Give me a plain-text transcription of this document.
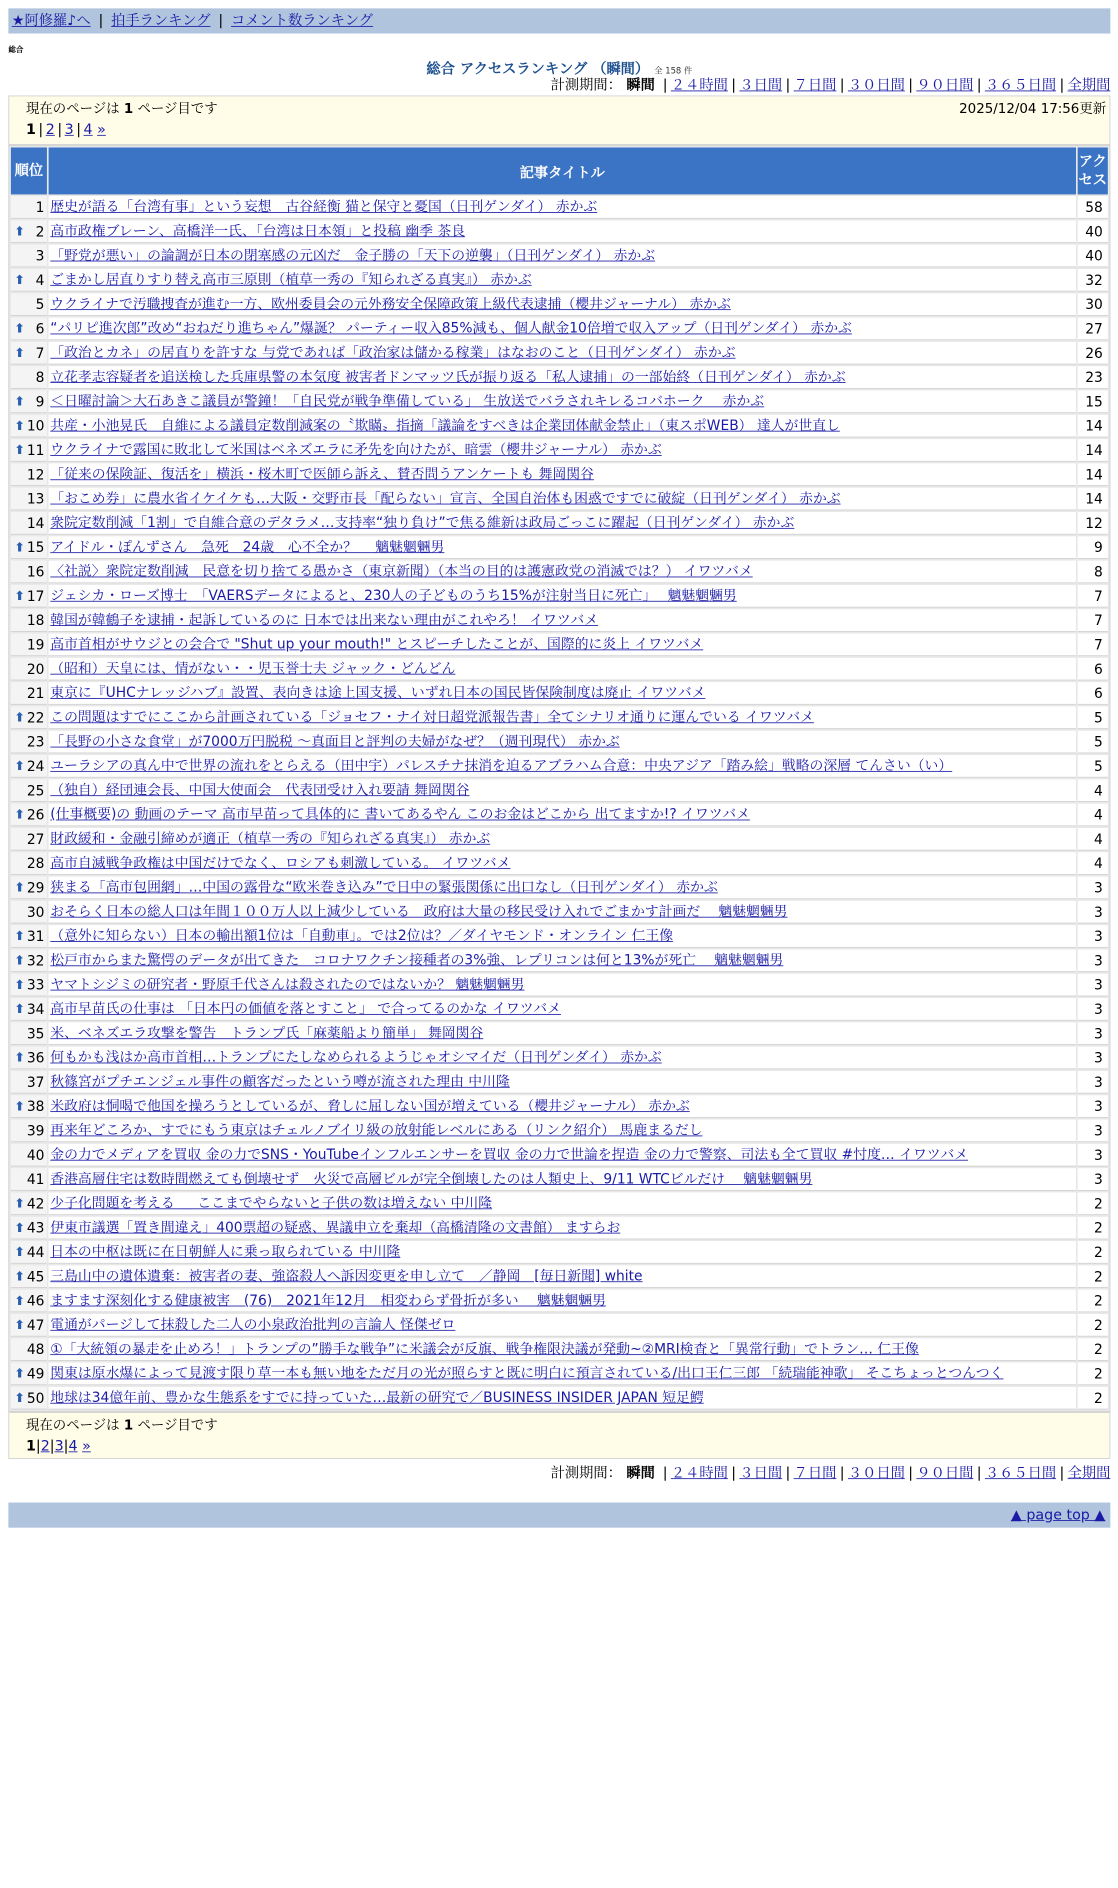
★阿修羅♪へ | 拍手ランキング | コメント数ランキング
総合
総合 アクセスランキング （瞬間） 全 158 件
計測期間： 瞬間 | ２４時間 | ３日間 | ７日間 | ３０日間 | ９０日間 | ３６５日間 | 全期間
現在のページは 1 ページ目です	2025/12/04 17:56更新
1 | 2 | 3 | 4 »
順位	記事タイトル	アクセス
1	歴史が語る「台湾有事」という妄想　古谷経衡 猫と保守と憂国（日刊ゲンダイ） 赤かぶ	58

⬆ 2	高市政権ブレーン、高橋洋一氏、「台湾は日本領」と投稿 幽季 茶良	40
3	「野党が悪い」の論調が日本の閉塞感の元凶だ　金子勝の「天下の逆襲」（日刊ゲンダイ） 赤かぶ	40

⬆ 4	ごまかし居直りすり替え高市三原則（植草一秀の『知られざる真実』） 赤かぶ	32
5	ウクライナで汚職捜査が進む一方、欧州委員会の元外務安全保障政策上級代表逮捕（櫻井ジャーナル） 赤かぶ	30

⬆ 6	“パリピ進次郎”改め“おねだり進ちゃん”爆誕？ パーティー収入85%減も、個人献金10倍増で収入アップ（日刊ゲンダイ） 赤かぶ	27

⬆ 7	「政治とカネ」の居直りを許すな 与党であれば「政治家は儲かる稼業」はなおのこと（日刊ゲンダイ） 赤かぶ	26
8	立花孝志容疑者を追送検した兵庫県警の本気度 被害者ドンマッツ氏が振り返る「私人逮捕」の一部始終（日刊ゲンダイ） 赤かぶ	23

⬆ 9	＜日曜討論＞大石あきこ議員が警鐘！「自民党が戦争準備している」 生放送でバラされキレるコバホーク　 赤かぶ	15

⬆ 10	共産・小池晃氏　自維による議員定数削減案の〝欺瞞〟指摘「議論をすべきは企業団体献金禁止」（東スポWEB） 達人が世直し	14

⬆ 11	ウクライナで露国に敗北して米国はベネズエラに矛先を向けたが、暗雲（櫻井ジャーナル） 赤かぶ	14
12	「従来の保険証、復活を」横浜・桜木町で医師ら訴え、賛否問うアンケートも 舞岡関谷	14
13	「おこめ券」に農水省イケイケも…大阪・交野市長「配らない」宣言、全国自治体も困惑ですでに破綻（日刊ゲンダイ） 赤かぶ	14
14	衆院定数削減「1割」で自維合意のデタラメ…支持率“独り負け”で焦る維新は政局ごっこに躍起（日刊ゲンダイ） 赤かぶ	12

⬆ 15	アイドル・ぽんずさん　急死　24歳　心不全か？　 魑魅魍魎男	9
16	〈社説〉衆院定数削減　民意を切り捨てる愚かさ（東京新聞）（本当の目的は護憲政党の消滅では？） イワツバメ	8

⬆ 17	ジェシカ・ローズ博士　「VAERSデータによると、230人の子どものうち15%が注射当日に死亡」　 魑魅魍魎男	7
18	韓国が韓鶴子を逮捕・起訴しているのに 日本では出来ない理由がこれやろ！ イワツバメ	7
19	高市首相がサウジとの会合で "Shut up your mouth!" とスピーチしたことが、国際的に炎上 イワツバメ	7
20	（昭和）天皇には、情がない・・児玉誉士夫 ジャック・どんどん	6
21	東京に『UHCナレッジハブ』設置、表向きは途上国支援、いずれ日本の国民皆保険制度は廃止 イワツバメ	6

⬆ 22	この問題はすでにここから計画されている「ジョセフ・ナイ対日超党派報告書」全てシナリオ通りに運んでいる イワツバメ	5
23	「長野の小さな食堂」が7000万円脱税 ～真面目と評判の夫婦がなぜ？（週刊現代） 赤かぶ	5

⬆ 24	ユーラシアの真ん中で世界の流れをとらえる（田中宇）パレスチナ抹消を迫るアブラハム合意：中央アジア「踏み絵」戦略の深層 てんさい（い）	5
25	（独自）経団連会長、中国大使面会　代表団受け入れ要請 舞岡関谷	4

⬆ 26	(仕事概要)の 動画のテーマ 高市早苗って具体的に 書いてあるやん このお金はどこから 出てますか!? イワツバメ	4
27	財政緩和・金融引締めが適正（植草一秀の『知られざる真実』） 赤かぶ	4
28	高市自滅戦争政権は中国だけでなく、ロシアも刺激している。 イワツバメ	4

⬆ 29	狭まる「高市包囲網」…中国の露骨な“欧米巻き込み”で日中の緊張関係に出口なし（日刊ゲンダイ） 赤かぶ	3
30	おそらく日本の総人口は年間１００万人以上減少している　政府は大量の移民受け入れでごまかす計画だ　 魑魅魍魎男	3

⬆ 31	（意外に知らない）日本の輸出額1位は「自動車」。では2位は？／ダイヤモンド・オンライン 仁王像	3

⬆ 32	松戸市からまた驚愕のデータが出てきた　コロナワクチン接種者の3%強、レプリコンは何と13%が死亡　 魑魅魍魎男	3

⬆ 33	ヤマトシジミの研究者・野原千代さんは殺されたのではないか？ 魑魅魍魎男	3

⬆ 34	高市早苗氏の仕事は 「日本円の価値を落とすこと」 で合ってるのかな イワツバメ	3
35	米、ベネズエラ攻撃を警告　トランプ氏「麻薬船より簡単」 舞岡関谷	3

⬆ 36	何もかも浅はか高市首相…トランプにたしなめられるようじゃオシマイだ（日刊ゲンダイ） 赤かぶ	3
37	秋篠宮がプチエンジェル事件の顧客だったという噂が流された理由 中川隆	3

⬆ 38	米政府は恫喝で他国を操ろうとしているが、脅しに屈しない国が増えている（櫻井ジャーナル） 赤かぶ	3
39	再来年どころか、すでにもう東京はチェルノブイリ級の放射能レベルにある（リンク紹介） 馬鹿まるだし	3
40	金の力でメディアを買収 金の力でSNS・YouTubeインフルエンサーを買収 金の力で世論を捏造 金の力で警察、司法も全て買収 #忖度… イワツバメ	3
41	香港高層住宅は数時間燃えても倒壊せず　火災で高層ビルが完全倒壊したのは人類史上、9/11 WTCビルだけ　 魑魅魍魎男	3

⬆ 42	少子化問題を考える ＿ ここまでやらないと子供の数は増えない 中川隆	2

⬆ 43	伊東市議選「置き間違え」400票超の疑惑、異議申立を棄却（高橋清隆の文書館） ますらお	2

⬆ 44	日本の中枢は既に在日朝鮮人に乗っ取られている 中川隆	2

⬆ 45	三島山中の遺体遺棄：被害者の妻、強盗殺人へ訴因変更を申し立て　／静岡　[毎日新聞] white	2

⬆ 46	ますます深刻化する健康被害　(76)　2021年12月　相変わらず骨折が多い　 魑魅魍魎男	2

⬆ 47	電通がパージして抹殺した二人の小泉政治批判の言論人 怪傑ゼロ	2
48	①「大統領の暴走を止めろ！」トランプの”勝手な戦争”に米議会が反旗、戦争権限決議が発動~②MRI検査と「異常行動」でトラン… 仁王像	2

⬆ 49	関東は原水爆によって見渡す限り草一本も無い地をただ月の光が照らすと既に明白に預言されている/出口王仁三郎 「続瑞能神歌」 そこちょっとつんつく	2

⬆ 50	地球は34億年前、豊かな生態系をすでに持っていた…最新の研究で／BUSINESS INSIDER JAPAN 短足鰐	2
現在のページは 1 ページ目です
1|2|3|4 »
計測期間： 瞬間 | ２４時間 | ３日間 | ７日間 | ３０日間 | ９０日間 | ３６５日間 | 全期間
▲ page top ▲
